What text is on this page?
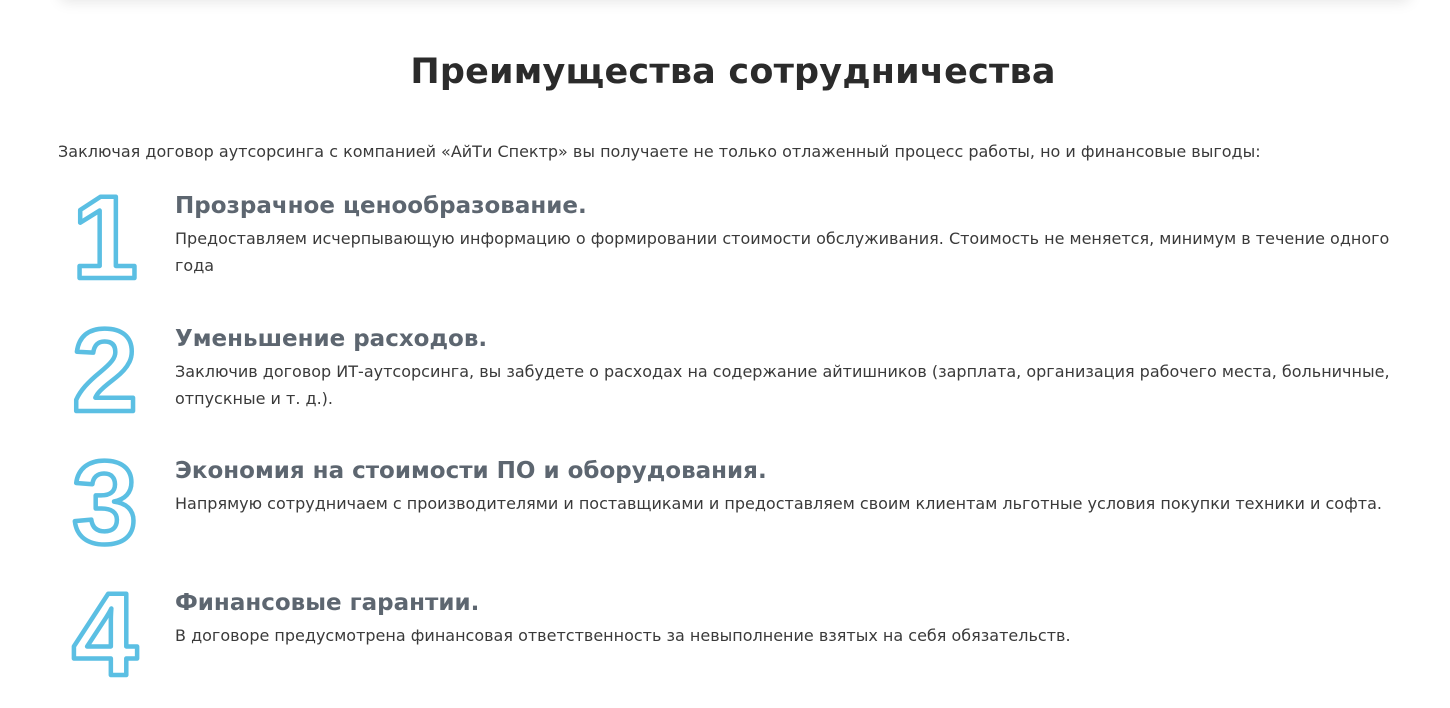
Преимущества сотрудничества

Заключая договор аутсорсинга с компанией «АйТи Спектр» вы получаете не только отлаженный процесс работы, но и финансовые выгоды:

1 Прозрачное ценообразование.

Предоставляем исчерпывающую информацию о формировании стоимости обслуживания. Стоимость не меняется, минимум в течение одного года

2 Уменьшение расходов.

Заключив договор ИТ-аутсорсинга, вы забудете о расходах на содержание айтишников (зарплата, организация рабочего места, больничные, отпускные и т. д.).

3 Экономия на стоимости ПО и оборудования.

Напрямую сотрудничаем с производителями и поставщиками и предоставляем своим клиентам льготные условия покупки техники и софта.

4 Финансовые гарантии.

В договоре предусмотрена финансовая ответственность за невыполнение взятых на себя обязательств.
